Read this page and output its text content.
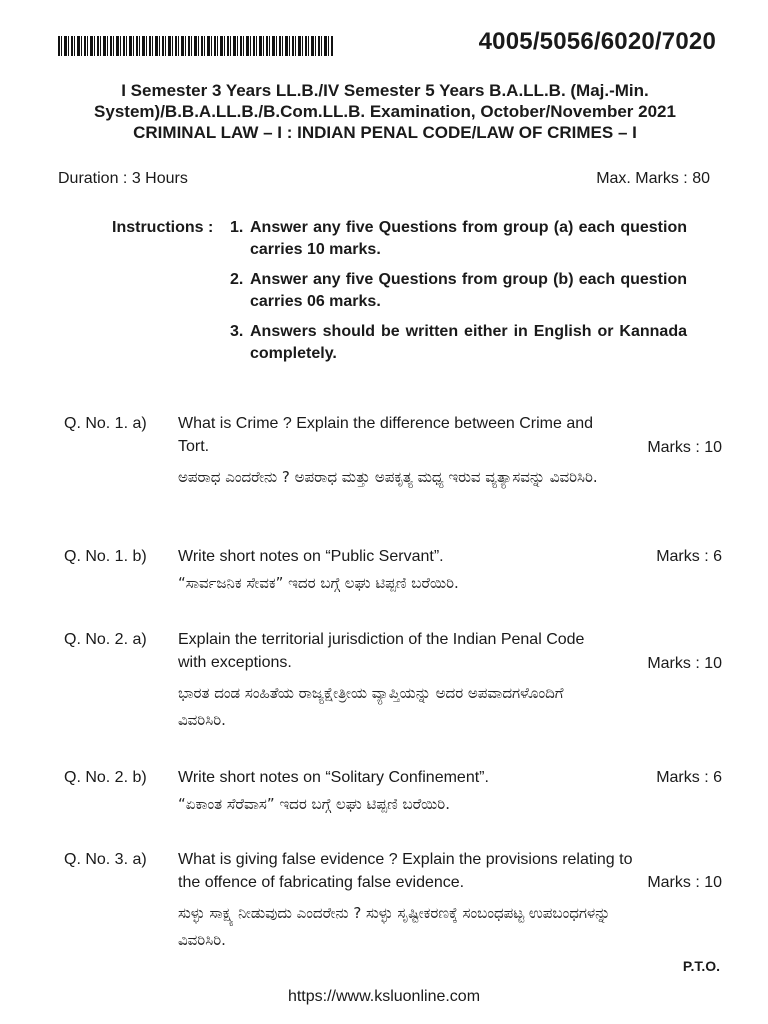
4005/5056/6020/7020
I Semester 3 Years LL.B./IV Semester 5 Years B.A.LL.B. (Maj.-Min.
System)/B.B.A.LL.B./B.Com.LL.B. Examination, October/November 2021
CRIMINAL LAW – I : INDIAN PENAL CODE/LAW OF CRIMES – I
Duration : 3 Hours	Max. Marks : 80
Instructions :	1. Answer any five Questions from group (a) each question carries 10 marks.
2. Answer any five Questions from group (b) each question carries 06 marks.
3. Answers should be written either in English or Kannada completely.
Q. No. 1. a)	What is Crime ? Explain the difference between Crime and Tort.
ಅಪರಾಧ ಎಂದರೇನು ? ಅಪರಾಧ ಮತ್ತು ಅಪಕೃತ್ಯ ಮಧ್ಯ ಇರುವ ವ್ಯತ್ಯಾಸವನ್ನು ವಿವರಿಸಿರಿ.
Marks : 10
Q. No. 1. b)	Write short notes on “Public Servant”.
“ಸಾರ್ವಜನಿಕ ಸೇವಕ” ಇದರ ಬಗ್ಗೆ ಲಘು ಟಿಪ್ಪಣಿ ಬರೆಯಿರಿ.
Marks : 6
Q. No. 2. a)	Explain the territorial jurisdiction of the Indian Penal Code with exceptions.
ಭಾರತ ದಂಡ ಸಂಹಿತೆಯ ರಾಜ್ಯಕ್ಷೇತ್ರೀಯ ವ್ಯಾಪ್ತಿಯನ್ನು ಅದರ ಅಪವಾದಗಳೊಂದಿಗೆ ವಿವರಿಸಿರಿ.
Marks : 10
Q. No. 2. b)	Write short notes on “Solitary Confinement”.
“ಏಕಾಂತ ಸೆರೆವಾಸ” ಇದರ ಬಗ್ಗೆ ಲಘು ಟಿಪ್ಪಣಿ ಬರೆಯಿರಿ.
Marks : 6
Q. No. 3. a)	What is giving false evidence ? Explain the provisions relating to the offence of fabricating false evidence.
ಸುಳ್ಳು ಸಾಕ್ಷ್ಯ ನೀಡುವುದು ಎಂದರೇನು ? ಸುಳ್ಳು ಸೃಷ್ಟೀಕರಣಕ್ಕೆ ಸಂಬಂಧಪಟ್ಟ ಉಪಬಂಧಗಳನ್ನು ವಿವರಿಸಿರಿ.
Marks : 10
P.T.O.
https://www.ksluonline.com
